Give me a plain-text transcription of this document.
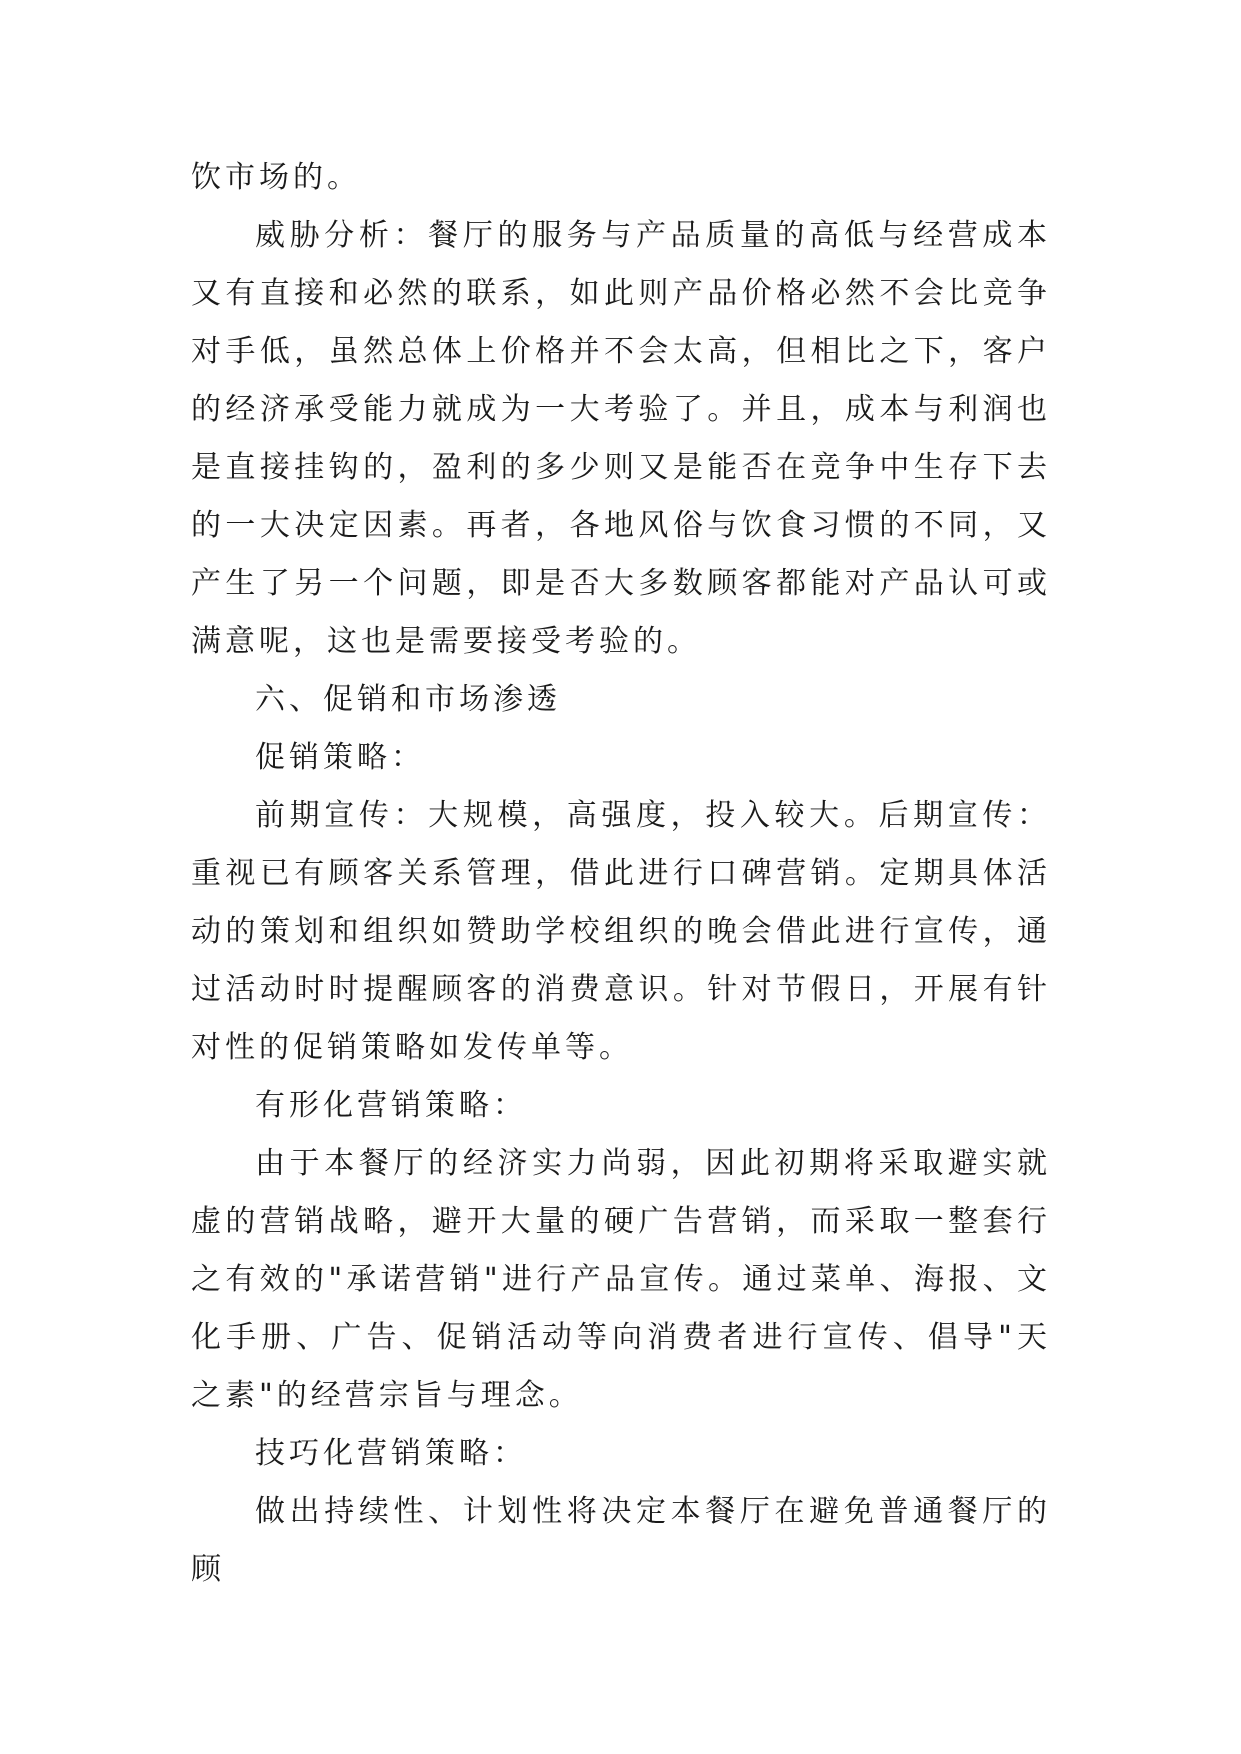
饮市场的。

威胁分析：餐厅的服务与产品质量的高低与经营成本又有直接和必然的联系，如此则产品价格必然不会比竞争对手低，虽然总体上价格并不会太高，但相比之下，客户的经济承受能力就成为一大考验了。并且，成本与利润也是直接挂钩的，盈利的多少则又是能否在竞争中生存下去的一大决定因素。再者，各地风俗与饮食习惯的不同，又产生了另一个问题，即是否大多数顾客都能对产品认可或满意呢，这也是需要接受考验的。

六、促销和市场渗透

促销策略：

前期宣传：大规模，高强度，投入较大。后期宣传：重视已有顾客关系管理，借此进行口碑营销。定期具体活动的策划和组织如赞助学校组织的晚会借此进行宣传，通过活动时时提醒顾客的消费意识。针对节假日，开展有针对性的促销策略如发传单等。

有形化营销策略：

由于本餐厅的经济实力尚弱，因此初期将采取避实就虚的营销战略，避开大量的硬广告营销，而采取一整套行之有效的"承诺营销"进行产品宣传。通过菜单、海报、文化手册、广告、促销活动等向消费者进行宣传、倡导"天之素"的经营宗旨与理念。

技巧化营销策略：

做出持续性、计划性将决定本餐厅在避免普通餐厅的顾
